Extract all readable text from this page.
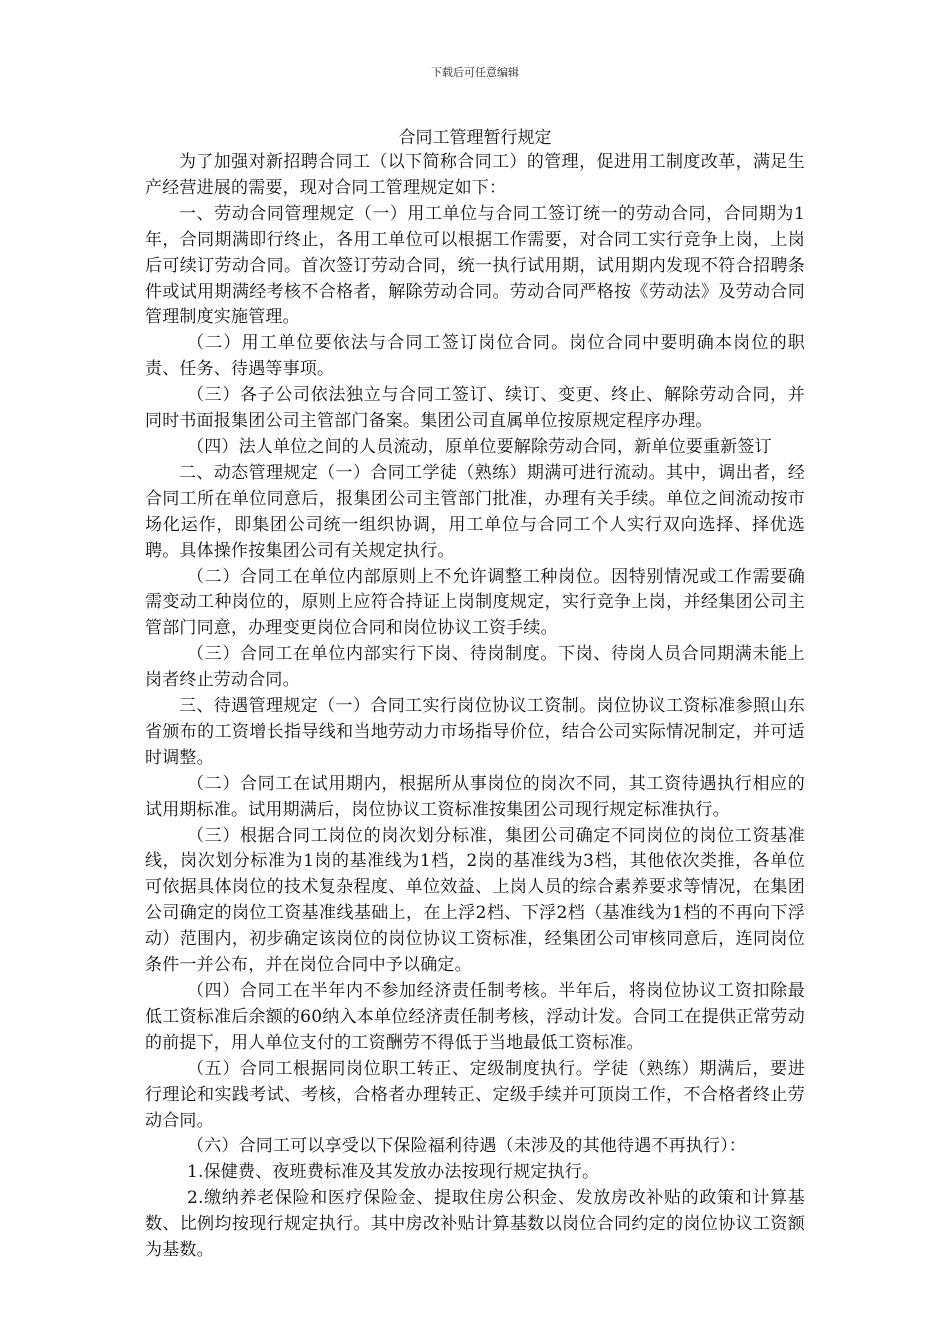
下载后可任意编辑
合同工管理暂行规定

为了加强对新招聘合同工（以下简称合同工）的管理，促进用工制度改革，满足生产经营进展的需要，现对合同工管理规定如下：

一、劳动合同管理规定（一）用工单位与合同工签订统一的劳动合同，合同期为1年，合同期满即行终止，各用工单位可以根据工作需要，对合同工实行竞争上岗，上岗后可续订劳动合同。首次签订劳动合同，统一执行试用期，试用期内发现不符合招聘条件或试用期满经考核不合格者，解除劳动合同。劳动合同严格按《劳动法》及劳动合同管理制度实施管理。

（二）用工单位要依法与合同工签订岗位合同。岗位合同中要明确本岗位的职责、任务、待遇等事项。

（三）各子公司依法独立与合同工签订、续订、变更、终止、解除劳动合同，并同时书面报集团公司主管部门备案。集团公司直属单位按原规定程序办理。

（四）法人单位之间的人员流动，原单位要解除劳动合同，新单位要重新签订

二、动态管理规定（一）合同工学徒（熟练）期满可进行流动。其中，调出者，经合同工所在单位同意后，报集团公司主管部门批准，办理有关手续。单位之间流动按市场化运作，即集团公司统一组织协调，用工单位与合同工个人实行双向选择、择优选聘。具体操作按集团公司有关规定执行。

（二）合同工在单位内部原则上不允许调整工种岗位。因特别情况或工作需要确需变动工种岗位的，原则上应符合持证上岗制度规定，实行竞争上岗，并经集团公司主管部门同意，办理变更岗位合同和岗位协议工资手续。

（三）合同工在单位内部实行下岗、待岗制度。下岗、待岗人员合同期满未能上岗者终止劳动合同。

三、待遇管理规定（一）合同工实行岗位协议工资制。岗位协议工资标准参照山东省颁布的工资增长指导线和当地劳动力市场指导价位，结合公司实际情况制定，并可适时调整。

（二）合同工在试用期内，根据所从事岗位的岗次不同，其工资待遇执行相应的试用期标准。试用期满后，岗位协议工资标准按集团公司现行规定标准执行。

（三）根据合同工岗位的岗次划分标准，集团公司确定不同岗位的岗位工资基准线，岗次划分标准为1岗的基准线为1档，2岗的基准线为3档，其他依次类推，各单位可依据具体岗位的技术复杂程度、单位效益、上岗人员的综合素养要求等情况，在集团公司确定的岗位工资基准线基础上，在上浮2档、下浮2档（基准线为1档的不再向下浮动）范围内，初步确定该岗位的岗位协议工资标准，经集团公司审核同意后，连同岗位条件一并公布，并在岗位合同中予以确定。

（四）合同工在半年内不参加经济责任制考核。半年后，将岗位协议工资扣除最低工资标准后余额的60纳入本单位经济责任制考核，浮动计发。合同工在提供正常劳动的前提下，用人单位支付的工资酬劳不得低于当地最低工资标准。

（五）合同工根据同岗位职工转正、定级制度执行。学徒（熟练）期满后，要进行理论和实践考试、考核，合格者办理转正、定级手续并可顶岗工作，不合格者终止劳动合同。

（六）合同工可以享受以下保险福利待遇（未涉及的其他待遇不再执行）：

1.保健费、夜班费标准及其发放办法按现行规定执行。

2.缴纳养老保险和医疗保险金、提取住房公积金、发放房改补贴的政策和计算基数、比例均按现行规定执行。其中房改补贴计算基数以岗位合同约定的岗位协议工资额为基数。
